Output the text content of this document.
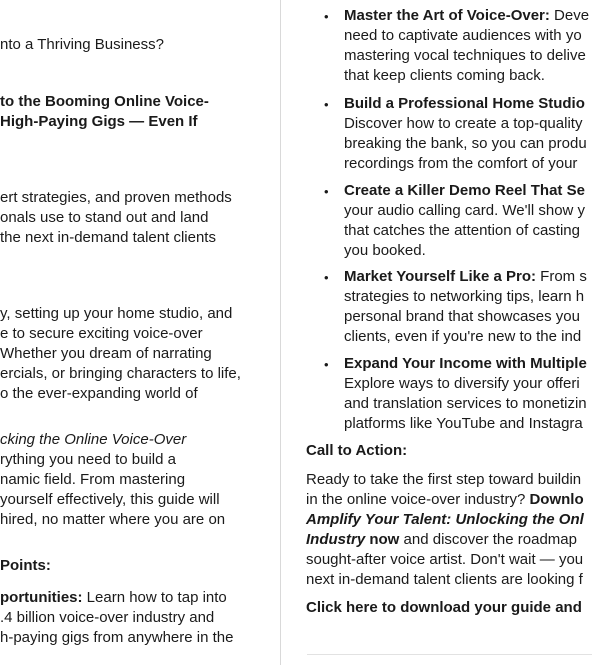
nto a Thriving Business?
to the Booming Online Voice-
High-Paying Gigs — Even If
ert strategies, and proven methods
onals use to stand out and land
the next in-demand talent clients
y, setting up your home studio, and
e to secure exciting voice-over
Whether you dream of narrating
ercials, or bringing characters to life,
o the ever-expanding world of
cking the Online Voice-Over
rything you need to build a
namic field. From mastering
yourself effectively, this guide will
hired, no matter where you are on
Points:
portunities: Learn how to tap into
.4 billion voice-over industry and
h-paying gigs from anywhere in the
• Master the Art of Voice-Over: Deve
need to captivate audiences with yo
mastering vocal techniques to delive
that keep clients coming back.
• Build a Professional Home Studio
Discover how to create a top-quality
breaking the bank, so you can produ
recordings from the comfort of your
• Create a Killer Demo Reel That Se
your audio calling card. We'll show y
that catches the attention of casting
you booked.
• Market Yourself Like a Pro: From s
strategies to networking tips, learn h
personal brand that showcases you
clients, even if you're new to the ind
• Expand Your Income with Multiple
Explore ways to diversify your offeri
and translation services to monetizin
platforms like YouTube and Instagra
Call to Action:
Ready to take the first step toward buildin
in the online voice-over industry? Downlo
Amplify Your Talent: Unlocking the Onl
Industry now and discover the roadmap
sought-after voice artist. Don't wait — you
next in-demand talent clients are looking f
Click here to download your guide and
